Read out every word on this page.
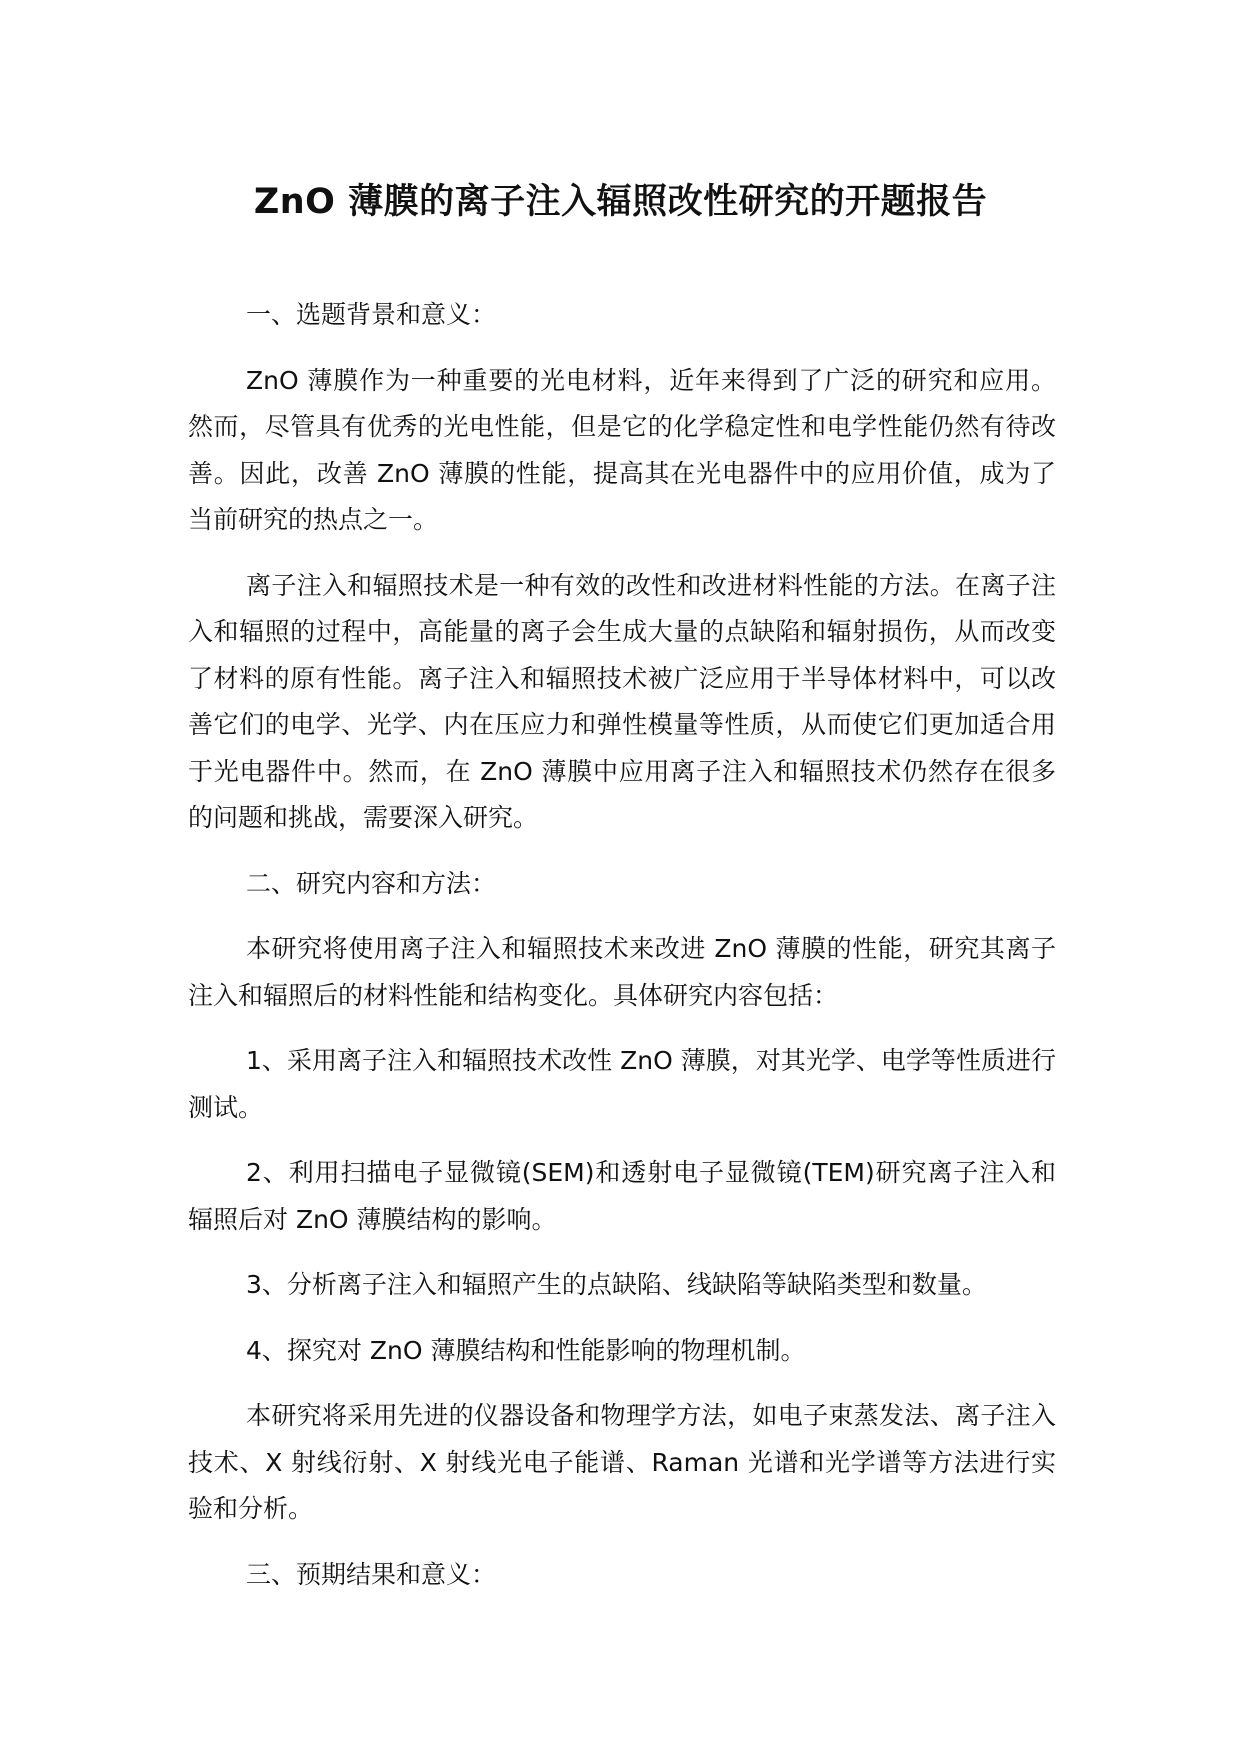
ZnO 薄膜的离子注入辐照改性研究的开题报告

一、选题背景和意义：

ZnO 薄膜作为一种重要的光电材料，近年来得到了广泛的研究和应用。然而，尽管具有优秀的光电性能，但是它的化学稳定性和电学性能仍然有待改善。因此，改善 ZnO 薄膜的性能，提高其在光电器件中的应用价值，成为了当前研究的热点之一。

离子注入和辐照技术是一种有效的改性和改进材料性能的方法。在离子注入和辐照的过程中，高能量的离子会生成大量的点缺陷和辐射损伤，从而改变了材料的原有性能。离子注入和辐照技术被广泛应用于半导体材料中，可以改善它们的电学、光学、内在压应力和弹性模量等性质，从而使它们更加适合用于光电器件中。然而，在 ZnO 薄膜中应用离子注入和辐照技术仍然存在很多的问题和挑战，需要深入研究。

二、研究内容和方法：

本研究将使用离子注入和辐照技术来改进 ZnO 薄膜的性能，研究其离子注入和辐照后的材料性能和结构变化。具体研究内容包括：

1、采用离子注入和辐照技术改性 ZnO 薄膜，对其光学、电学等性质进行测试。

2、利用扫描电子显微镜(SEM)和透射电子显微镜(TEM)研究离子注入和辐照后对 ZnO 薄膜结构的影响。

3、分析离子注入和辐照产生的点缺陷、线缺陷等缺陷类型和数量。

4、探究对 ZnO 薄膜结构和性能影响的物理机制。

本研究将采用先进的仪器设备和物理学方法，如电子束蒸发法、离子注入技术、X 射线衍射、X 射线光电子能谱、Raman 光谱和光学谱等方法进行实验和分析。

三、预期结果和意义：
